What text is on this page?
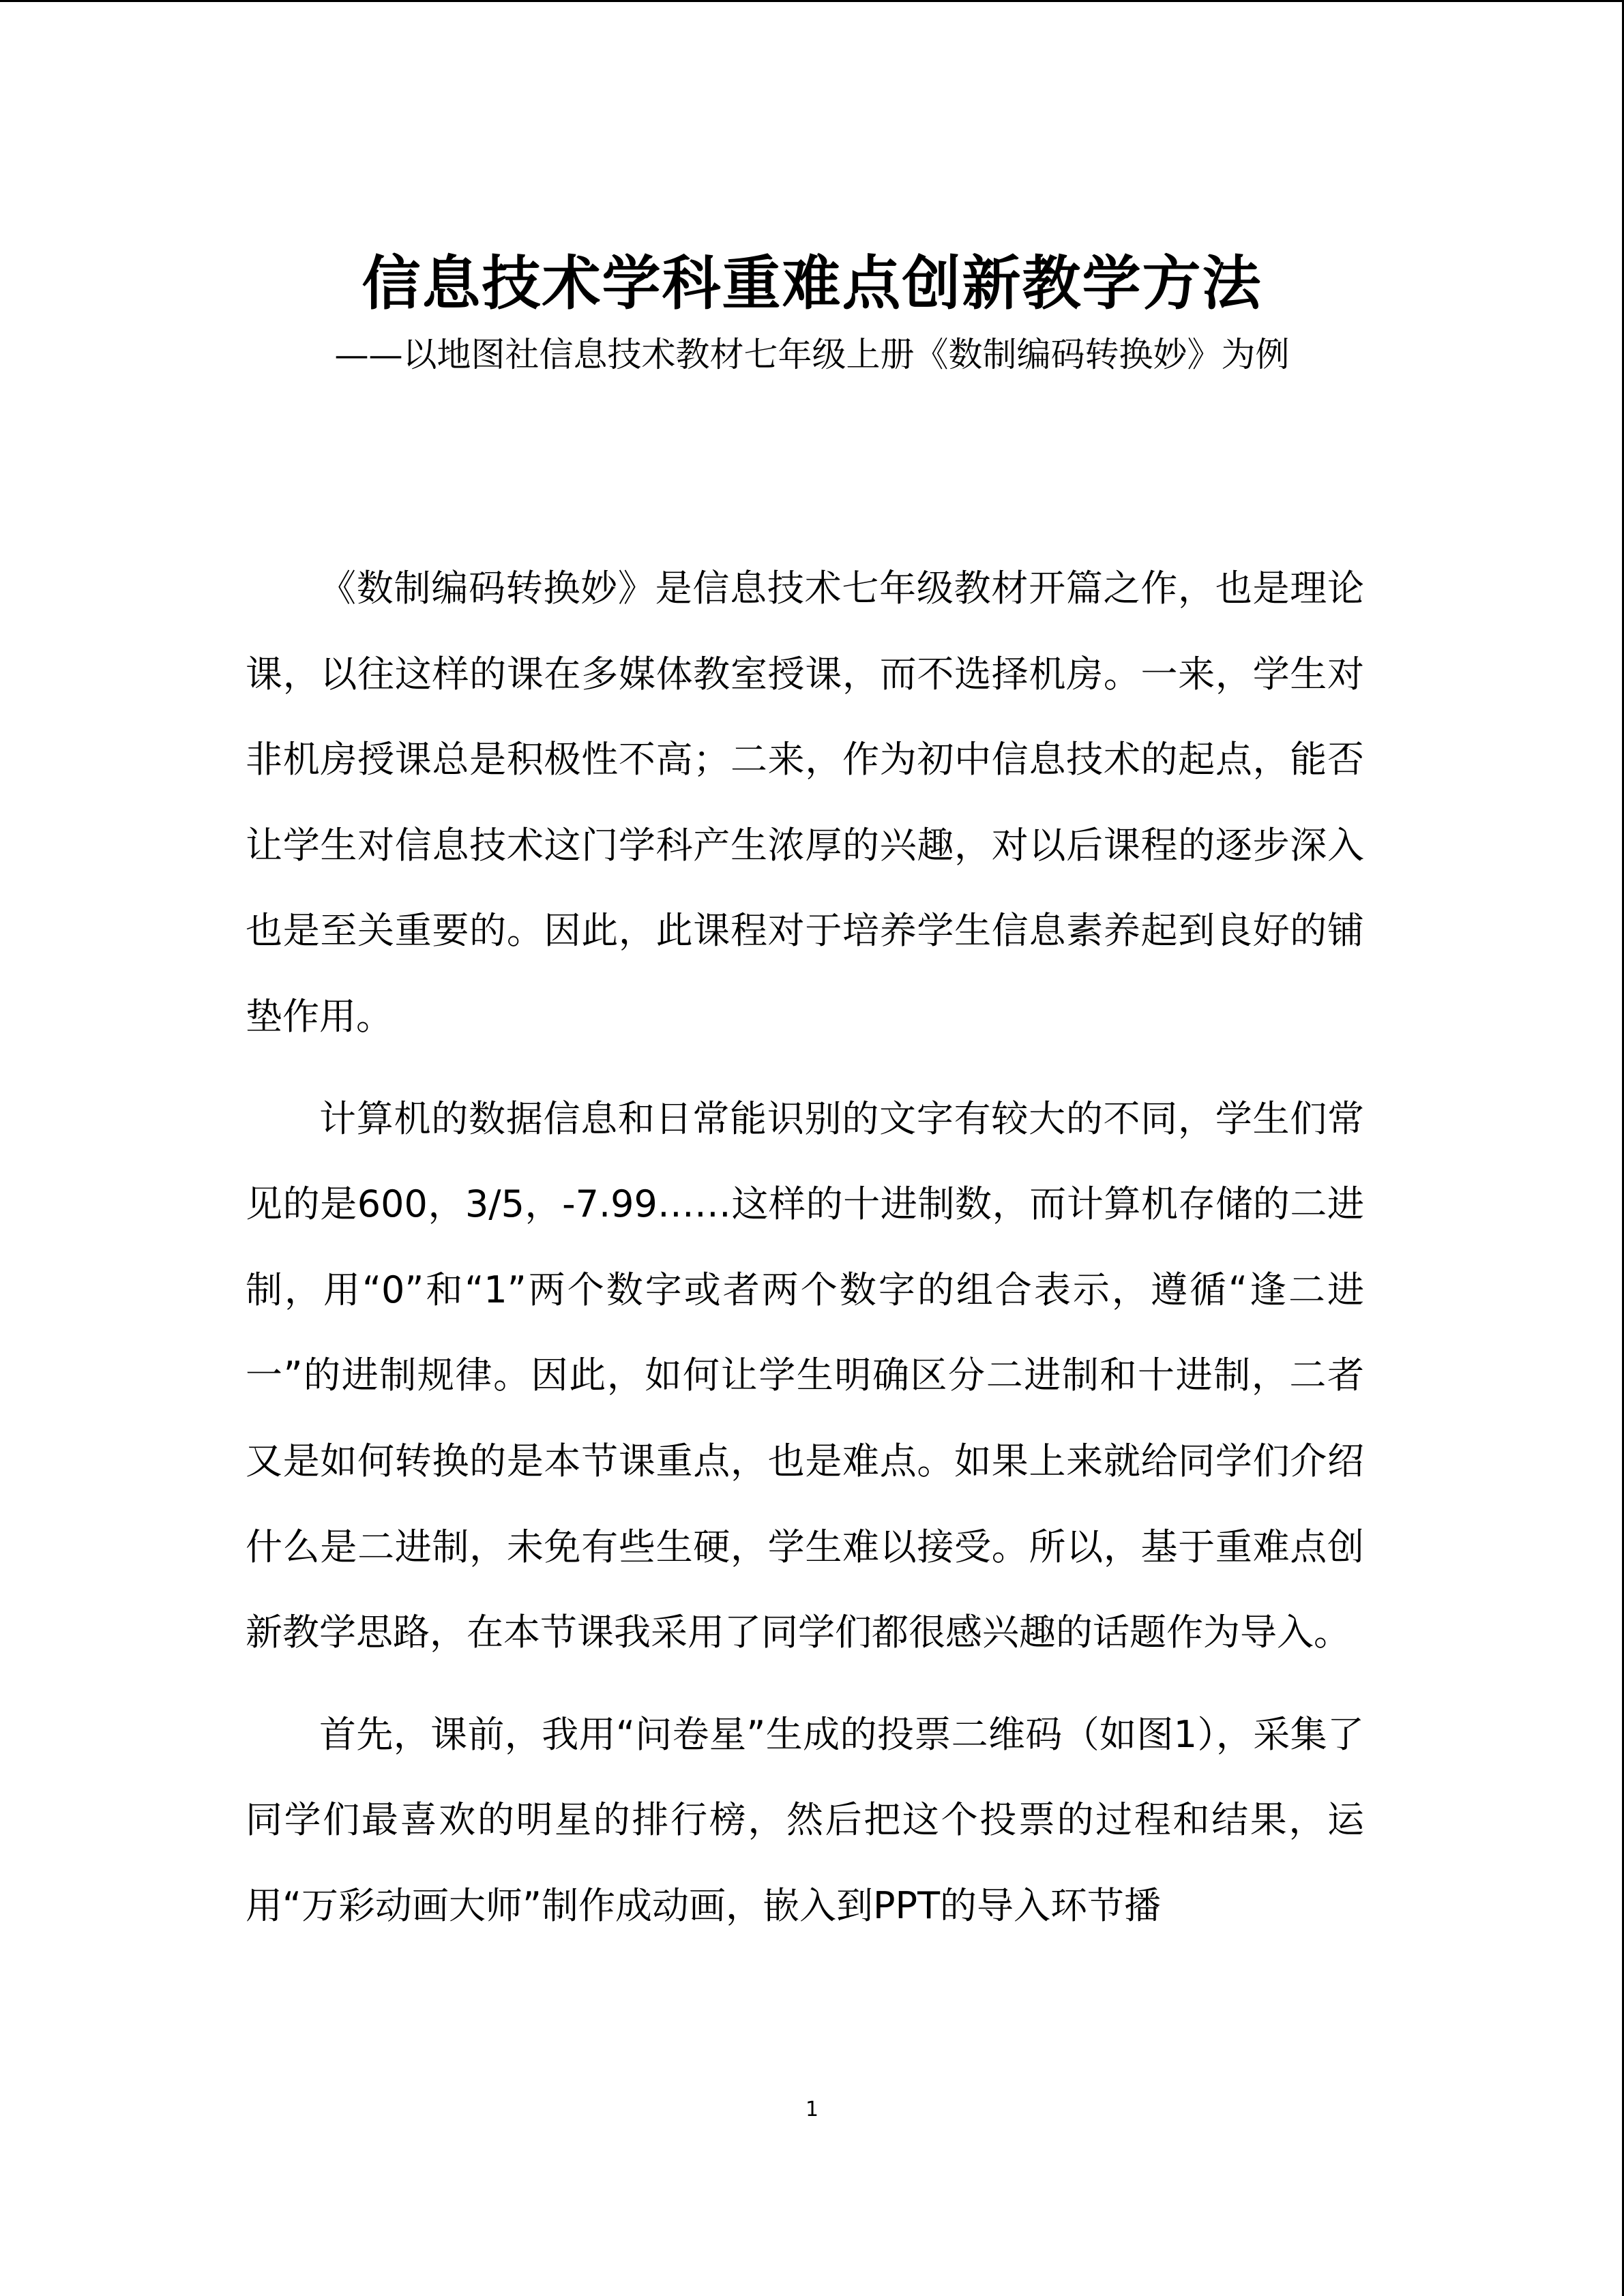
信息技术学科重难点创新教学方法
——以地图社信息技术教材七年级上册《数制编码转换妙》为例

《数制编码转换妙》是信息技术七年级教材开篇之作，也是理论课，以往这样的课在多媒体教室授课，而不选择机房。一来，学生对非机房授课总是积极性不高；二来，作为初中信息技术的起点，能否让学生对信息技术这门学科产生浓厚的兴趣，对以后课程的逐步深入也是至关重要的。因此，此课程对于培养学生信息素养起到良好的铺垫作用。

计算机的数据信息和日常能识别的文字有较大的不同，学生们常见的是600，3/5，-7.99……这样的十进制数，而计算机存储的二进制，用“0”和“1”两个数字或者两个数字的组合表示，遵循“逢二进一”的进制规律。因此，如何让学生明确区分二进制和十进制，二者又是如何转换的是本节课重点，也是难点。如果上来就给同学们介绍什么是二进制，未免有些生硬，学生难以接受。所以，基于重难点创新教学思路，在本节课我采用了同学们都很感兴趣的话题作为导入。

首先，课前，我用“问卷星”生成的投票二维码（如图1），采集了同学们最喜欢的明星的排行榜，然后把这个投票的过程和结果，运用“万彩动画大师”制作成动画，嵌入到PPT的导入环节播

1
